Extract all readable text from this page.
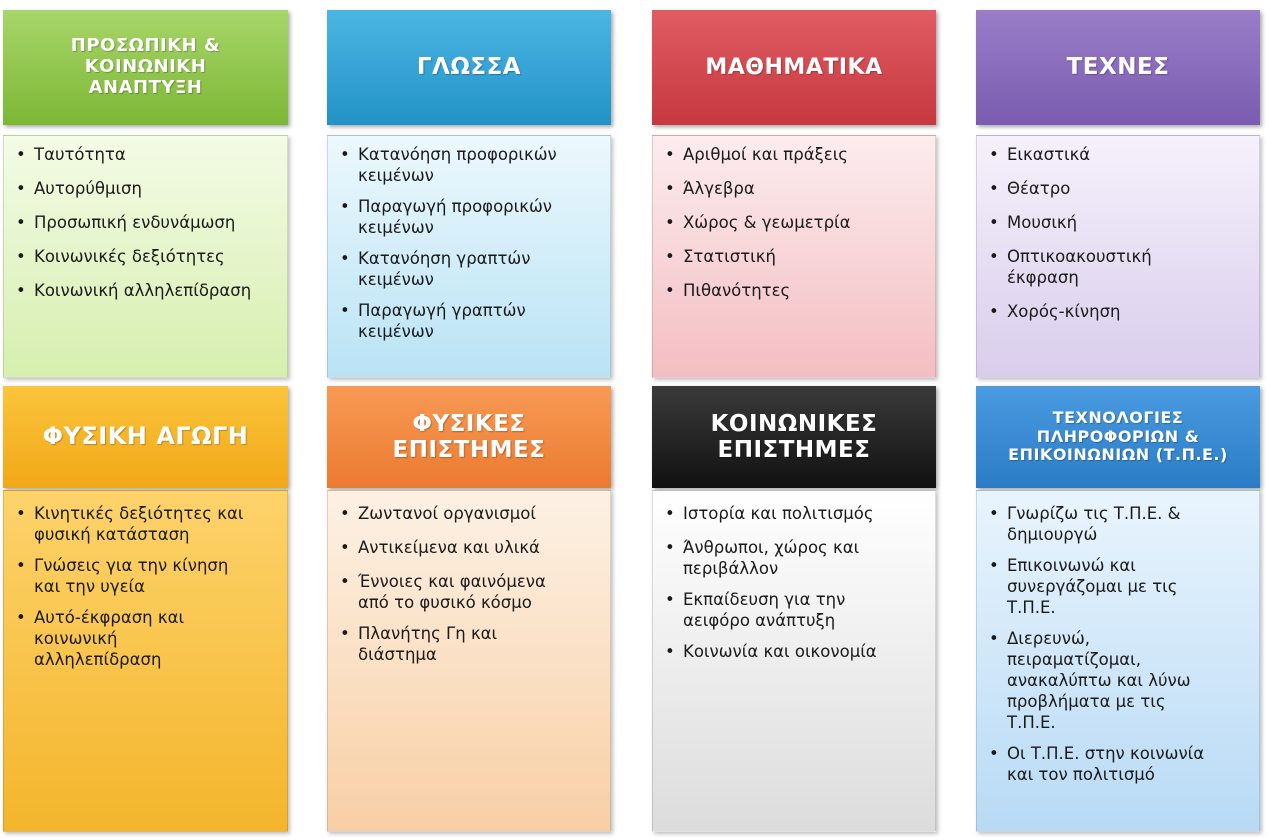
ΠΡΟΣΩΠΙΚΗ & ΚΟΙΝΩΝΙΚΗ ΑΝΑΠΤΥΞΗ
• Ταυτότητα
• Αυτορύθμιση
• Προσωπική ενδυνάμωση
• Κοινωνικές δεξιότητες
• Κοινωνική αλληλεπίδραση
ΓΛΩΣΣΑ
• Κατανόηση προφορικών κειμένων
• Παραγωγή προφορικών κειμένων
• Κατανόηση γραπτών κειμένων
• Παραγωγή γραπτών κειμένων
ΜΑΘΗΜΑΤΙΚΑ
• Αριθμοί και πράξεις
• Άλγεβρα
• Χώρος & γεωμετρία
• Στατιστική
• Πιθανότητες
ΤΕΧΝΕΣ
• Εικαστικά
• Θέατρο
• Μουσική
• Οπτικοακουστική έκφραση
• Χορός-κίνηση
ΦΥΣΙΚΗ ΑΓΩΓΗ
• Κινητικές δεξιότητες και φυσική κατάσταση
• Γνώσεις για την κίνηση και την υγεία
• Αυτό-έκφραση και κοινωνική αλληλεπίδραση
ΦΥΣΙΚΕΣ ΕΠΙΣΤΗΜΕΣ
• Ζωντανοί οργανισμοί
• Αντικείμενα και υλικά
• Έννοιες και φαινόμενα από το φυσικό κόσμο
• Πλανήτης Γη και διάστημα
ΚΟΙΝΩΝΙΚΕΣ ΕΠΙΣΤΗΜΕΣ
• Ιστορία και πολιτισμός
• Άνθρωποι, χώρος και περιβάλλον
• Εκπαίδευση για την αειφόρο ανάπτυξη
• Κοινωνία και οικονομία
ΤΕΧΝΟΛΟΓΙΕΣ ΠΛΗΡΟΦΟΡΙΩΝ & ΕΠΙΚΟΙΝΩΝΙΩΝ (Τ.Π.Ε.)
• Γνωρίζω τις Τ.Π.Ε. & δημιουργώ
• Επικοινωνώ και συνεργάζομαι με τις Τ.Π.Ε.
• Διερευνώ, πειραματίζομαι, ανακαλύπτω και λύνω προβλήματα με τις Τ.Π.Ε.
• Οι Τ.Π.Ε. στην κοινωνία και τον πολιτισμό
